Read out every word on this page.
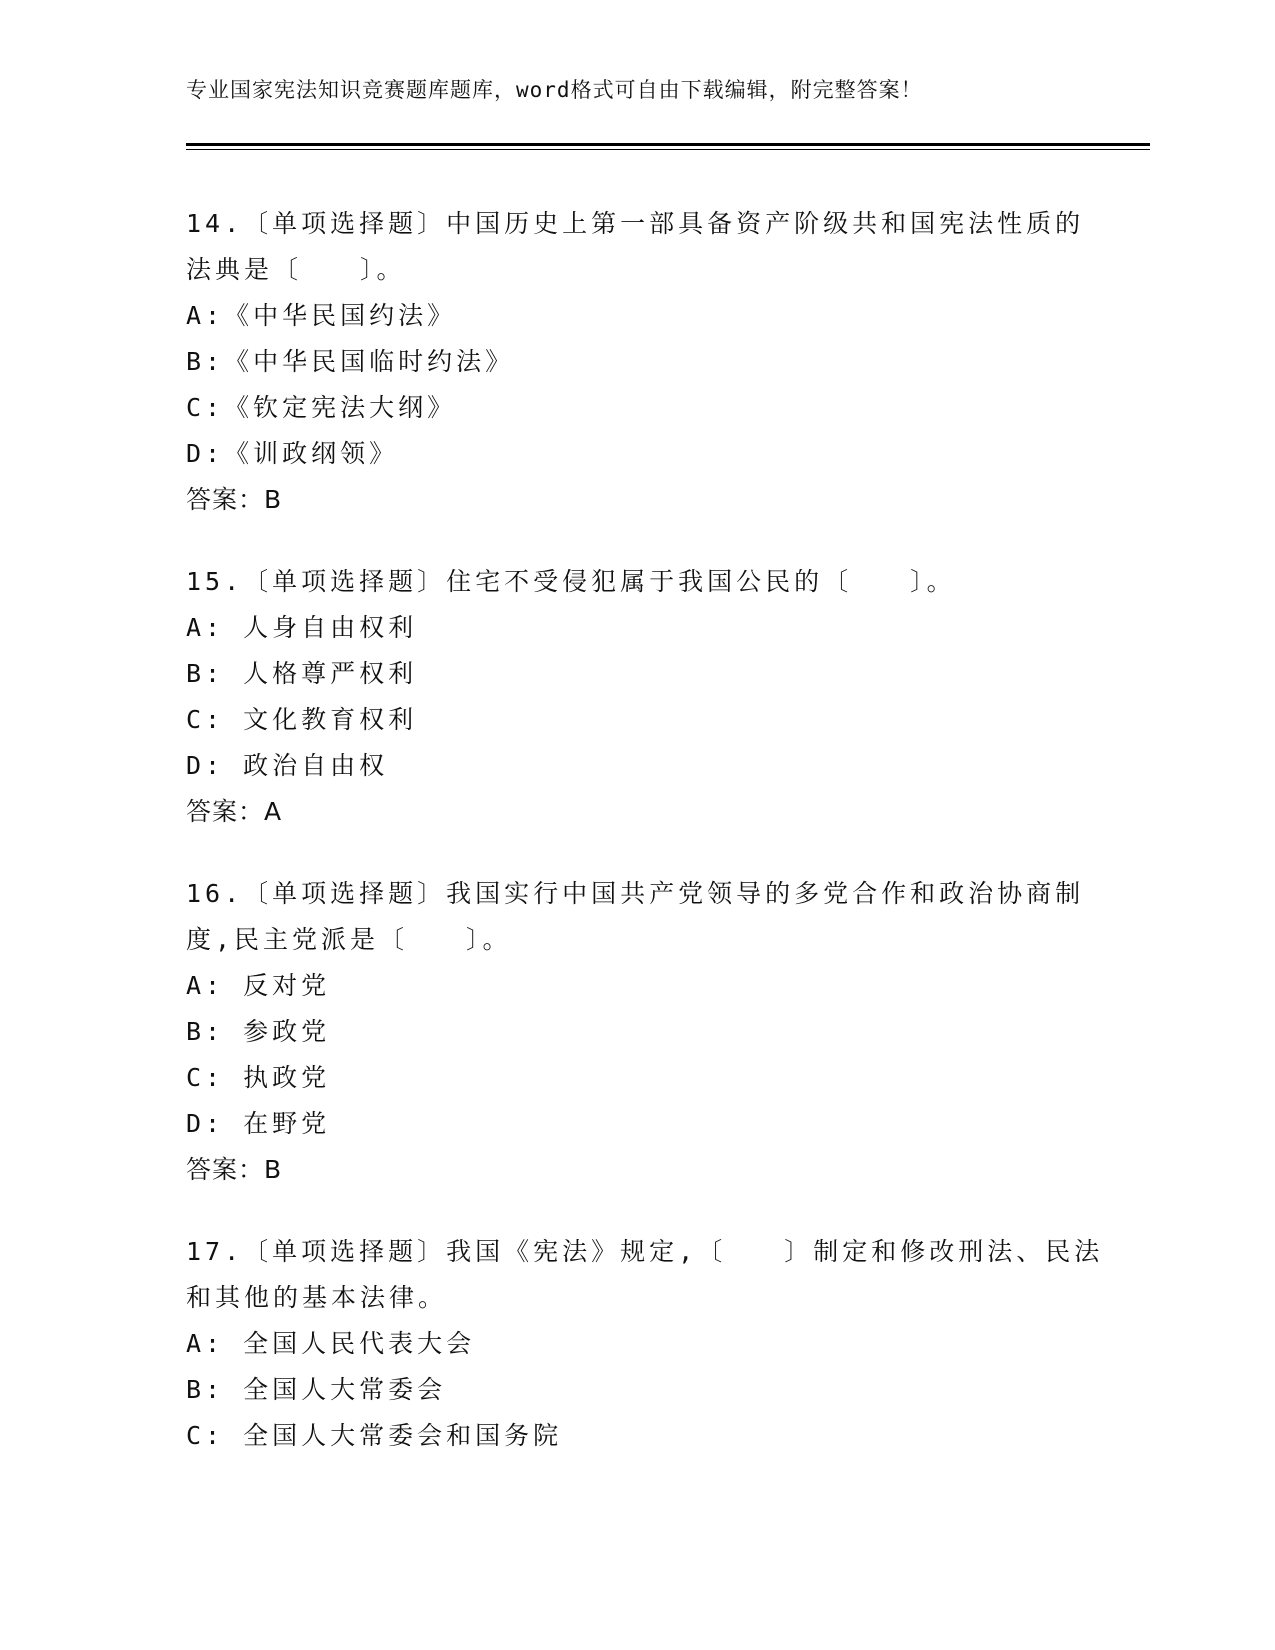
专业国家宪法知识竞赛题库题库，word格式可自由下载编辑，附完整答案！
14.〔单项选择题〕中国历史上第一部具备资产阶级共和国宪法性质的
法典是〔　　〕。
A:《中华民国约法》
B:《中华民国临时约法》
C:《钦定宪法大纲》
D:《训政纲领》
答案：B
15.〔单项选择题〕住宅不受侵犯属于我国公民的〔　　〕。
A: 人身自由权利
B: 人格尊严权利
C: 文化教育权利
D: 政治自由权
答案：A
16.〔单项选择题〕我国实行中国共产党领导的多党合作和政治协商制
度,民主党派是〔　　〕。
A: 反对党
B: 参政党
C: 执政党
D: 在野党
答案：B
17.〔单项选择题〕我国《宪法》规定,〔　　〕制定和修改刑法、民法
和其他的基本法律。
A: 全国人民代表大会
B: 全国人大常委会
C: 全国人大常委会和国务院
